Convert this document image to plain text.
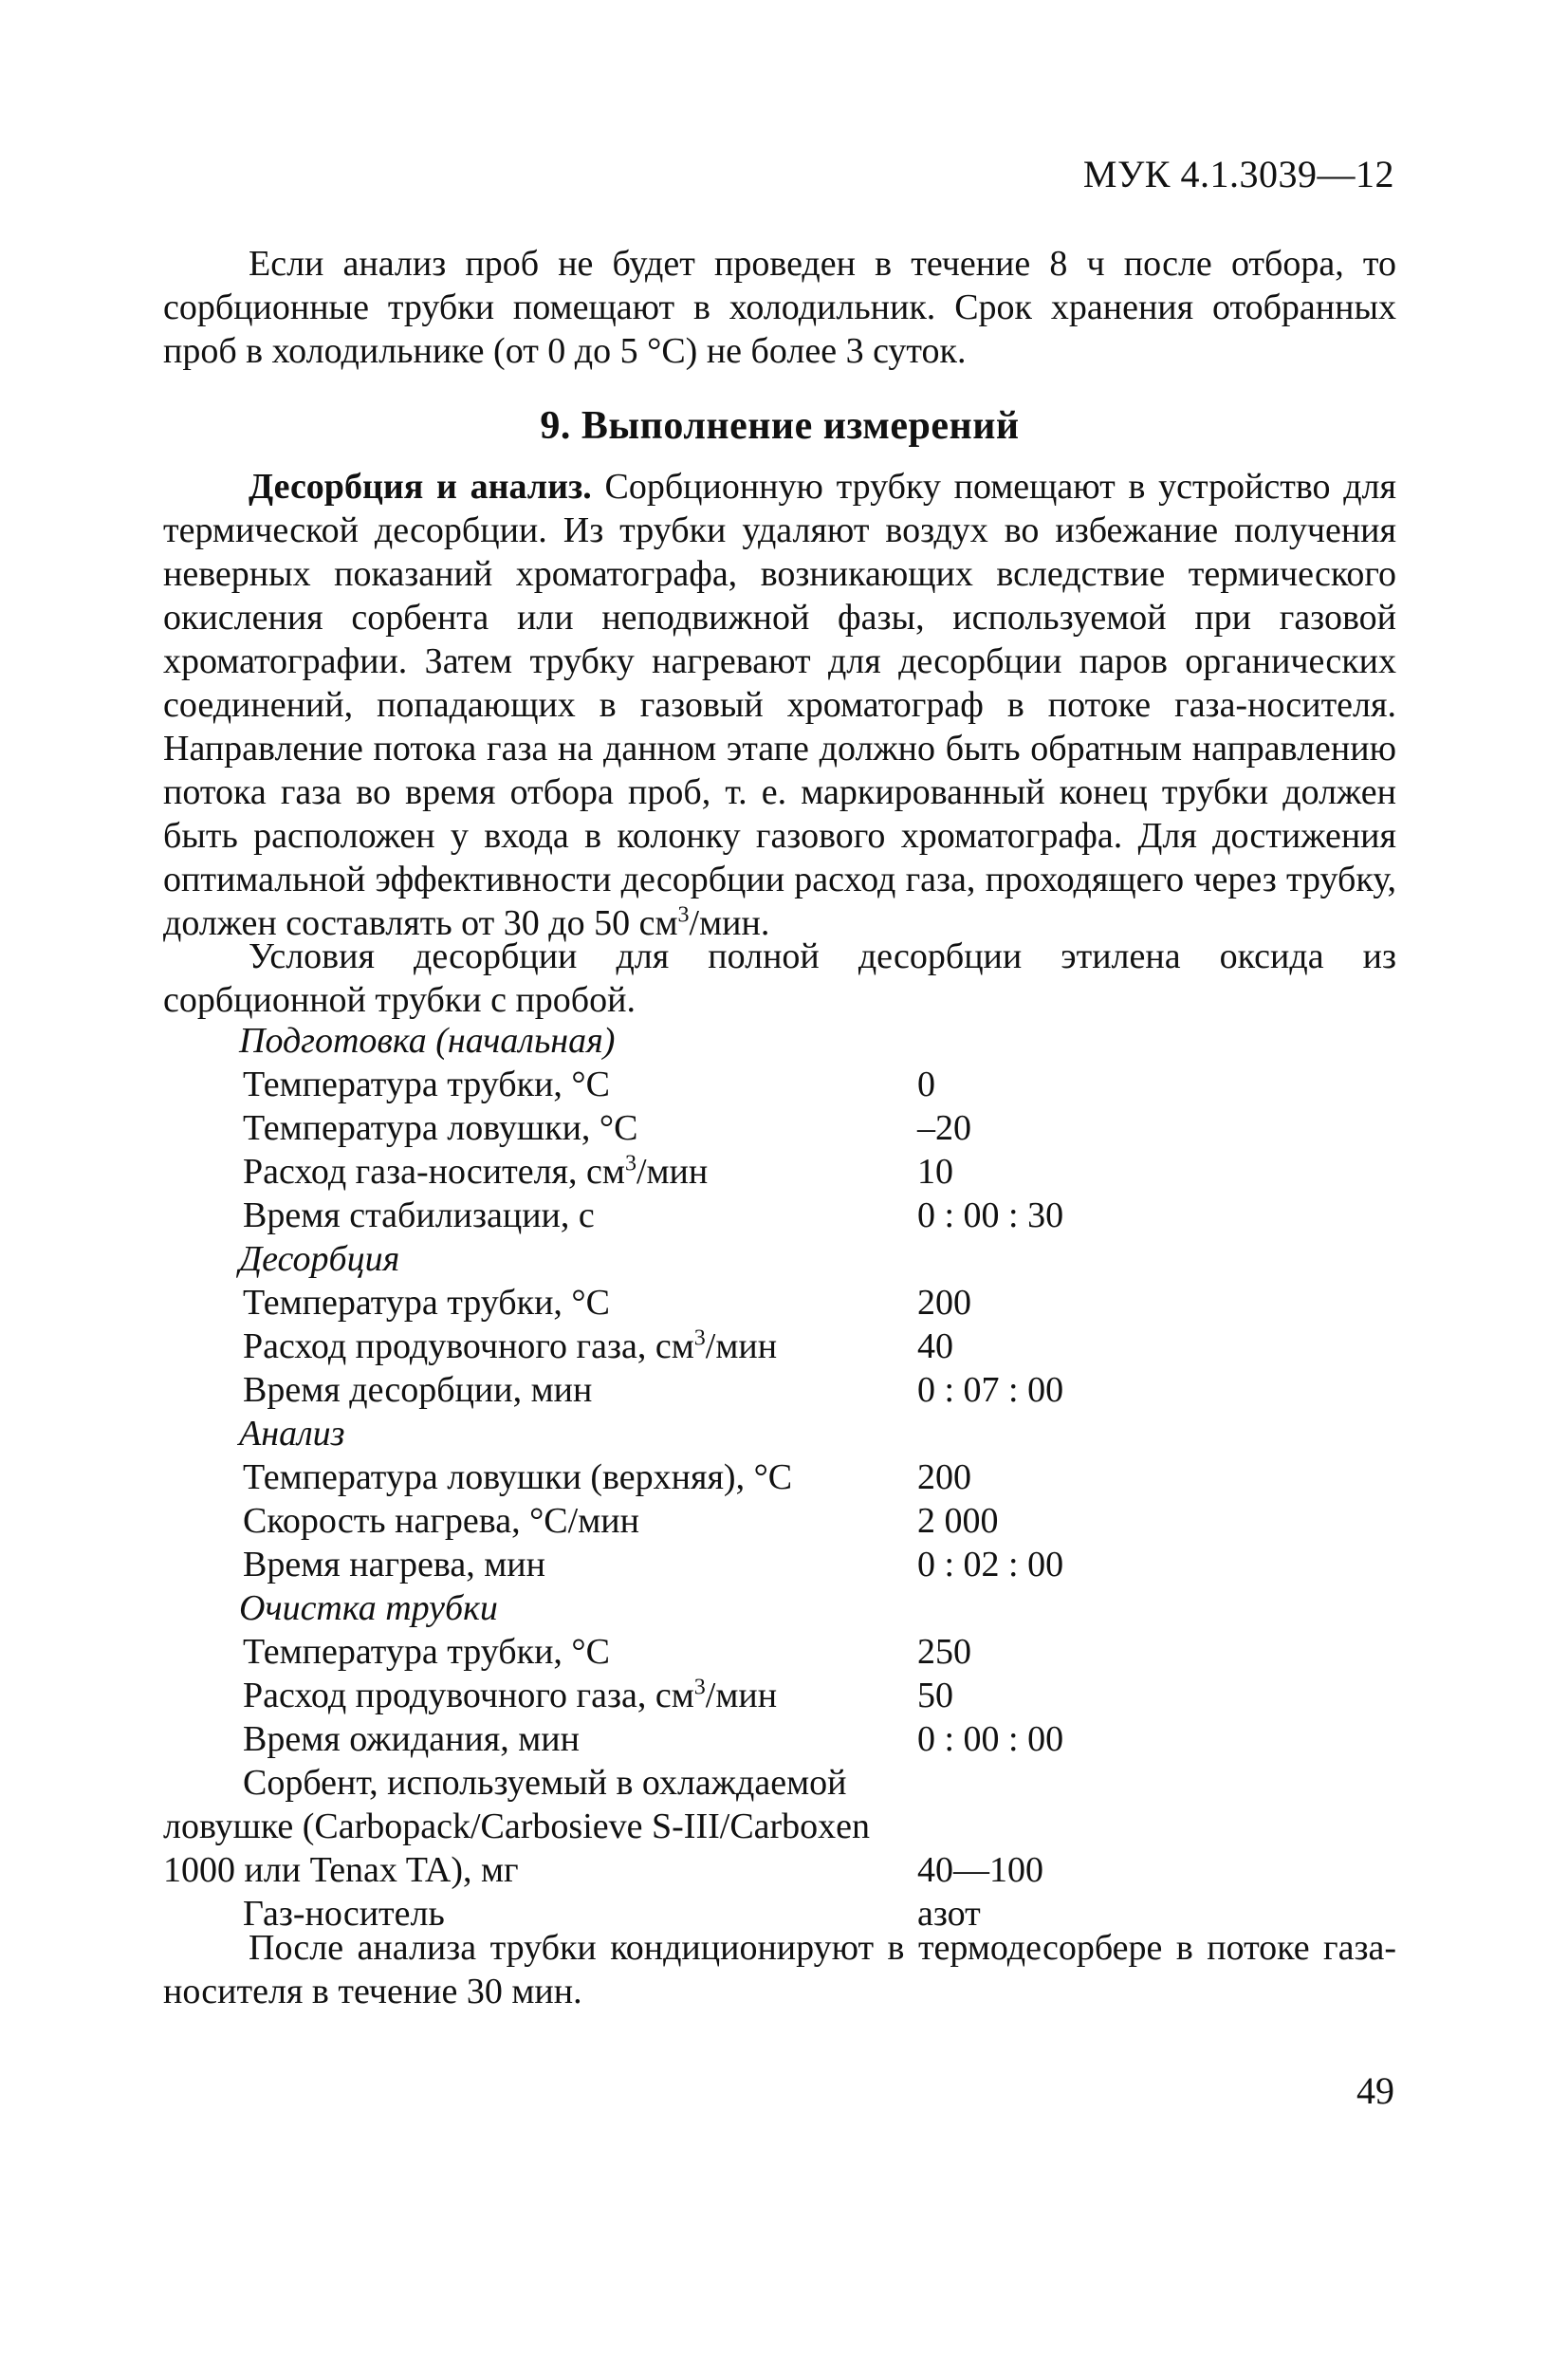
МУК 4.1.3039—12

Если анализ проб не будет проведен в течение 8 ч после отбора, то сорбционные трубки помещают в холодильник. Срок хранения отобранных проб в холодильнике (от 0 до 5 °С) не более 3 суток.

9. Выполнение измерений

Десорбция и анализ. Сорбционную трубку помещают в устройство для термической десорбции. Из трубки удаляют воздух во избежание получения неверных показаний хроматографа, возникающих вследствие термического окисления сорбента или неподвижной фазы, используемой при газовой хроматографии. Затем трубку нагревают для десорбции паров органических соединений, попадающих в газовый хроматограф в потоке газа-носителя. Направление потока газа на данном этапе должно быть обратным направлению потока газа во время отбора проб, т. е. маркированный конец трубки должен быть расположен у входа в колонку газового хроматографа. Для достижения оптимальной эффективности десорбции расход газа, проходящего через трубку, должен составлять от 30 до 50 $см^3$/мин.

Условия десорбции для полной десорбции этилена оксида из сорбционной трубки с пробой.

Подготовка (начальная)
Температура трубки, °С	0
Температура ловушки, °С	–20
Расход газа-носителя, $см^3$/мин	10
Время стабилизации, с	0 : 00 : 30
Десорбция
Температура трубки, °С	200
Расход продувочного газа, $см^3$/мин	40
Время десорбции, мин	0 : 07 : 00
Анализ
Температура ловушки (верхняя), °С	200
Скорость нагрева, °С/мин	2 000
Время нагрева, мин	0 : 02 : 00
Очистка трубки
Температура трубки, °С	250
Расход продувочного газа, $см^3$/мин	50
Время ожидания, мин	0 : 00 : 00
Сорбент, используемый в охлаждаемой
ловушке (Carbopack/Carbosieve S-III/Carboxen
1000 или Tenax TA), мг	40—100
Газ-носитель	азот

После анализа трубки кондиционируют в термодесорбере в потоке газа-носителя в течение 30 мин.

49
